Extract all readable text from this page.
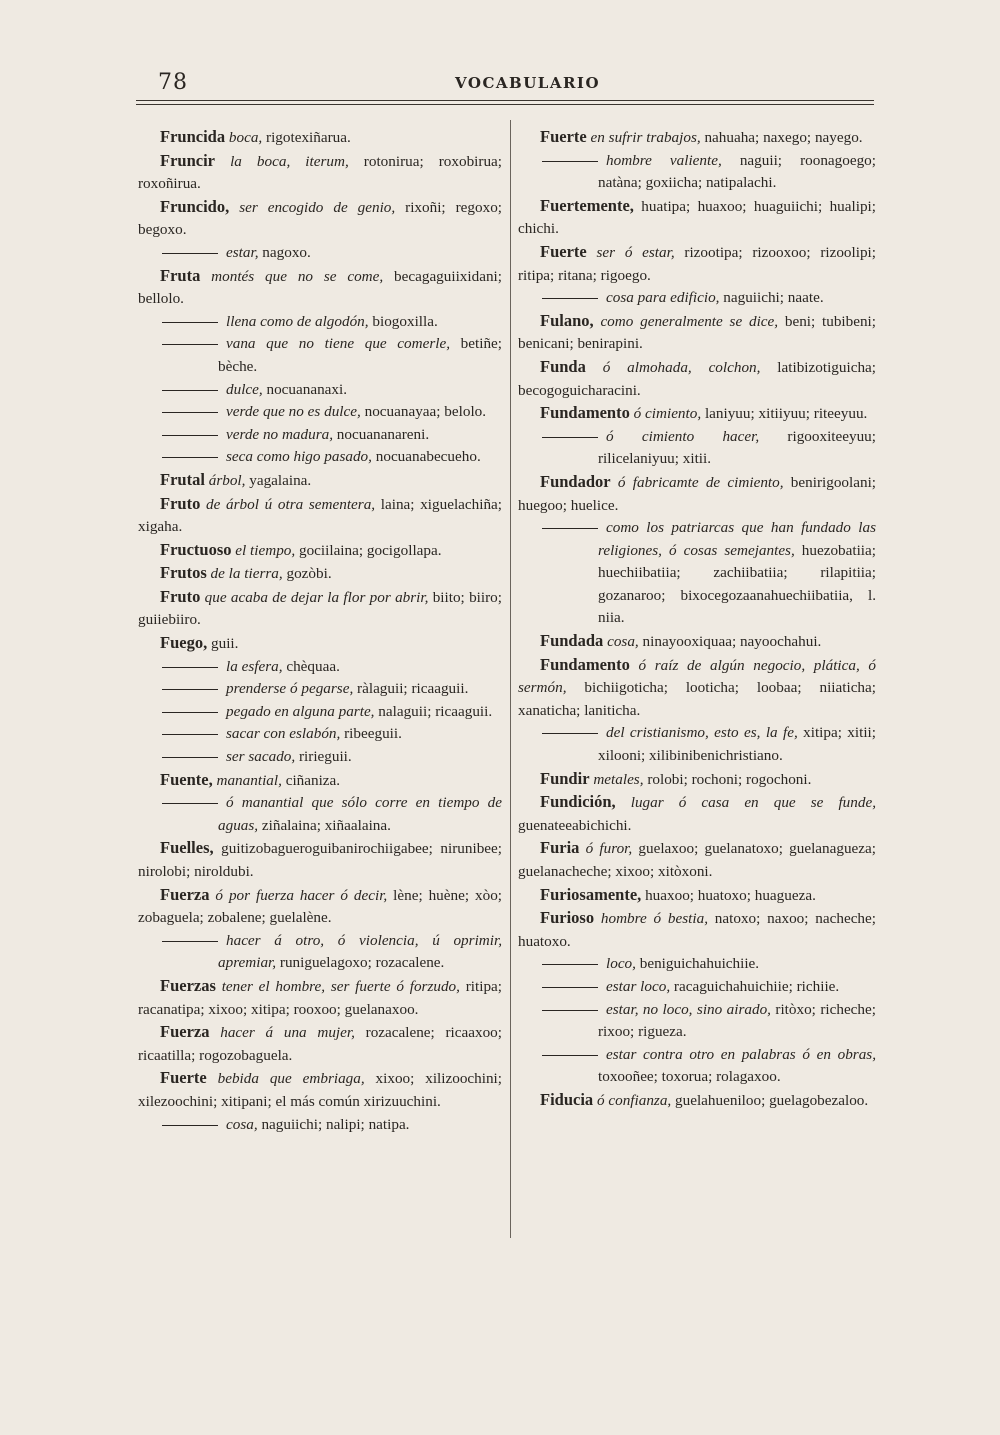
78	VOCABULARIO

Fruncida boca, rigotexiñarua.

Fruncir la boca, iterum, rotonirua; roxobirua; roxoñirua.

Fruncido, ser encogido de genio, rixoñi; regoxo; begoxo.

estar, nagoxo.

Fruta montés que no se come, becagaguiixidani; bellolo.

llena como de algodón, biogoxilla.

vana que no tiene que comerle, betiñe; bèche.

dulce, nocuananaxi.

verde que no es dulce, nocuanayaa; belolo.

verde no madura, nocuananareni.

seca como higo pasado, nocuanabecueho.

Frutal árbol, yagalaina.

Fruto de árbol ú otra sementera, laina; xiguelachiña; xigaha.

Fructuoso el tiempo, gociilaina; gocigollapa.

Frutos de la tierra, gozòbi.

Fruto que acaba de dejar la flor por abrir, biito; biiro; guiiebiiro.

Fuego, guii.

la esfera, chèquaa.

prenderse ó pegarse, ràlaguii; ricaaguii.

pegado en alguna parte, nalaguii; ricaaguii.

sacar con eslabón, ribeeguii.

ser sacado, ririeguii.

Fuente, manantial, ciñaniza.

ó manantial que sólo corre en tiempo de aguas, ziñalaina; xiñaalaina.

Fuelles, guitizobagueroguibanirochiigabee; nirunibee; nirolobi; niroldubi.

Fuerza ó por fuerza hacer ó decir, lène; huène; xòo; zobaguela; zobalene; guelalène.

hacer á otro, ó violencia, ú oprimir, apremiar, runiguelagoxo; rozacalene.

Fuerzas tener el hombre, ser fuerte ó forzudo, ritipa; racanatipa; xixoo; xitipa; rooxoo; guelanaxoo.

Fuerza hacer á una mujer, rozacalene; ricaaxoo; ricaatilla; rogozobaguela.

Fuerte bebida que embriaga, xixoo; xilizoochini; xilezoochini; xitipani; el más común xirizuuchini.

cosa, naguiichi; nalipi; natipa.

Fuerte en sufrir trabajos, nahuaha; naxego; nayego.

hombre valiente, naguii; roonagoego; natàna; goxiicha; natipalachi.

Fuertemente, huatipa; huaxoo; huaguiichi; hualipi; chichi.

Fuerte ser ó estar, rizootipa; rizooxoo; rizoolipi; ritipa; ritana; rigoego.

cosa para edificio, naguiichi; naate.

Fulano, como generalmente se dice, beni; tubibeni; benicani; benirapini.

Funda ó almohada, colchon, latibizotiguicha; becogoguicharacini.

Fundamento ó cimiento, laniyuu; xitiiyuu; riteeyuu.

ó cimiento hacer, rigooxiteeyuu; rilicelaniyuu; xitii.

Fundador ó fabricamte de cimiento, benirigoolani; huegoo; huelice.

como los patriarcas que han fundado las religiones, ó cosas semejantes, huezobatiia; huechiibatiia; zachiibatiia; rilapitiia; gozanaroo; bixocegozaanahuechiibatiia, l. niia.

Fundada cosa, ninayooxiquaa; nayoochahui.

Fundamento ó raíz de algún negocio, plática, ó sermón, bichiigoticha; looticha; loobaa; niiaticha; xanaticha; laniticha.

del cristianismo, esto es, la fe, xitipa; xitii; xilooni; xilibinibenichristiano.

Fundir metales, rolobi; rochoni; rogochoni.

Fundición, lugar ó casa en que se funde, guenateeabichichi.

Furia ó furor, guelaxoo; guelanatoxo; guelanagueza; guelanacheche; xixoo; xitòxoni.

Furiosamente, huaxoo; huatoxo; huagueza.

Furioso hombre ó bestia, natoxo; naxoo; nacheche; huatoxo.

loco, beniguichahuichiie.

estar loco, racaguichahuichiie; richiie.

estar, no loco, sino airado, ritòxo; richeche; rixoo; rigueza.

estar contra otro en palabras ó en obras, toxooñee; toxorua; rolagaxoo.

Fiducia ó confianza, guelahueniloo; guelagobezaloo.
